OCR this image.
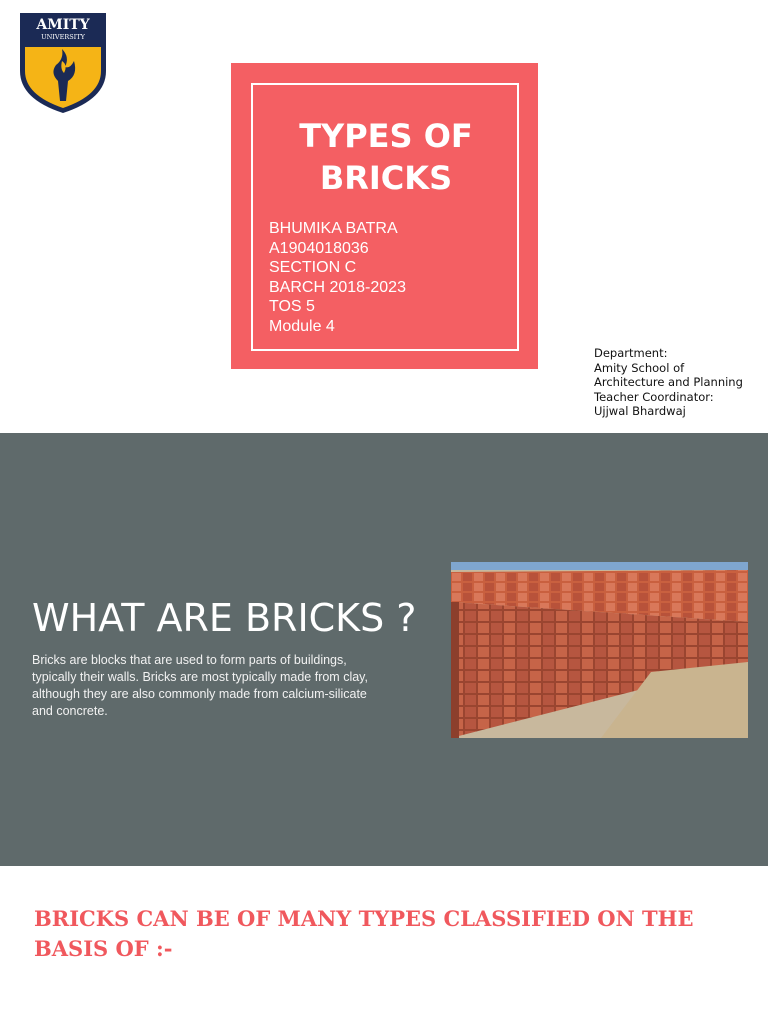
AMITY
UNIVERSITY
TYPES OF
BRICKS
BHUMIKA BATRA
A1904018036
SECTION C
BARCH 2018-2023
TOS 5
Module 4
Department:
Amity School of
Architecture and Planning
Teacher Coordinator:
Ujjwal Bhardwaj
WHAT ARE BRICKS ?
Bricks are blocks that are used to form parts of buildings,
typically their walls. Bricks are most typically made from clay,
although they are also commonly made from calcium-silicate
and concrete.
BRICKS CAN BE OF MANY TYPES CLASSIFIED ON THE
BASIS OF :-
